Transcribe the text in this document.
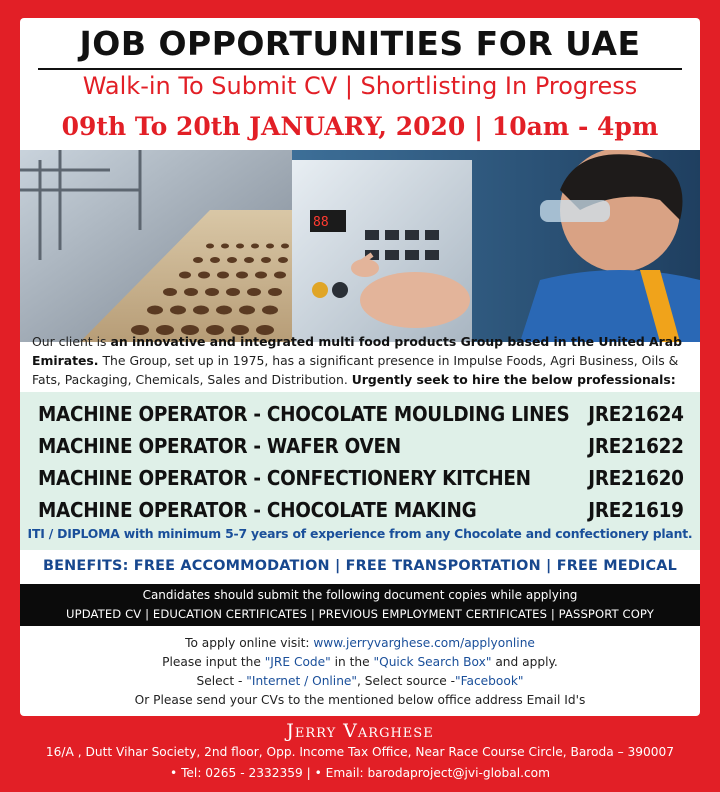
JOB OPPORTUNITIES FOR UAE
Walk-in To Submit CV | Shortlisting In Progress
09th To 20th JANUARY, 2020 | 10am - 4pm
88
Our client is an innovative and integrated multi food products Group based in the United Arab Emirates. The Group, set up in 1975, has a significant presence in Impulse Foods, Agri Business, Oils & Fats, Packaging, Chemicals, Sales and Distribution. Urgently seek to hire the below professionals:
MACHINE OPERATOR - CHOCOLATE MOULDING LINES JRE21624
MACHINE OPERATOR - WAFER OVEN	JRE21622
MACHINE OPERATOR - CONFECTIONERY KITCHEN	JRE21620
MACHINE OPERATOR - CHOCOLATE MAKING	JRE21619
ITI / DIPLOMA with minimum 5-7 years of experience from any Chocolate and confectionery plant.
BENEFITS: FREE ACCOMMODATION | FREE TRANSPORTATION | FREE MEDICAL
Candidates should submit the following document copies while applying
UPDATED CV | EDUCATION CERTIFICATES | PREVIOUS EMPLOYMENT CERTIFICATES | PASSPORT COPY
To apply online visit: www.jerryvarghese.com/applyonline
Please input the "JRE Code" in the "Quick Search Box" and apply.
Select - "Internet / Online", Select source -"Facebook"
Or Please send your CVs to the mentioned below office address Email Id's
Jerry Varghese
16/A , Dutt Vihar Society, 2nd floor, Opp. Income Tax Office, Near Race Course Circle, Baroda – 390007
• Tel: 0265 - 2332359 | • Email: barodaproject@jvi-global.com
